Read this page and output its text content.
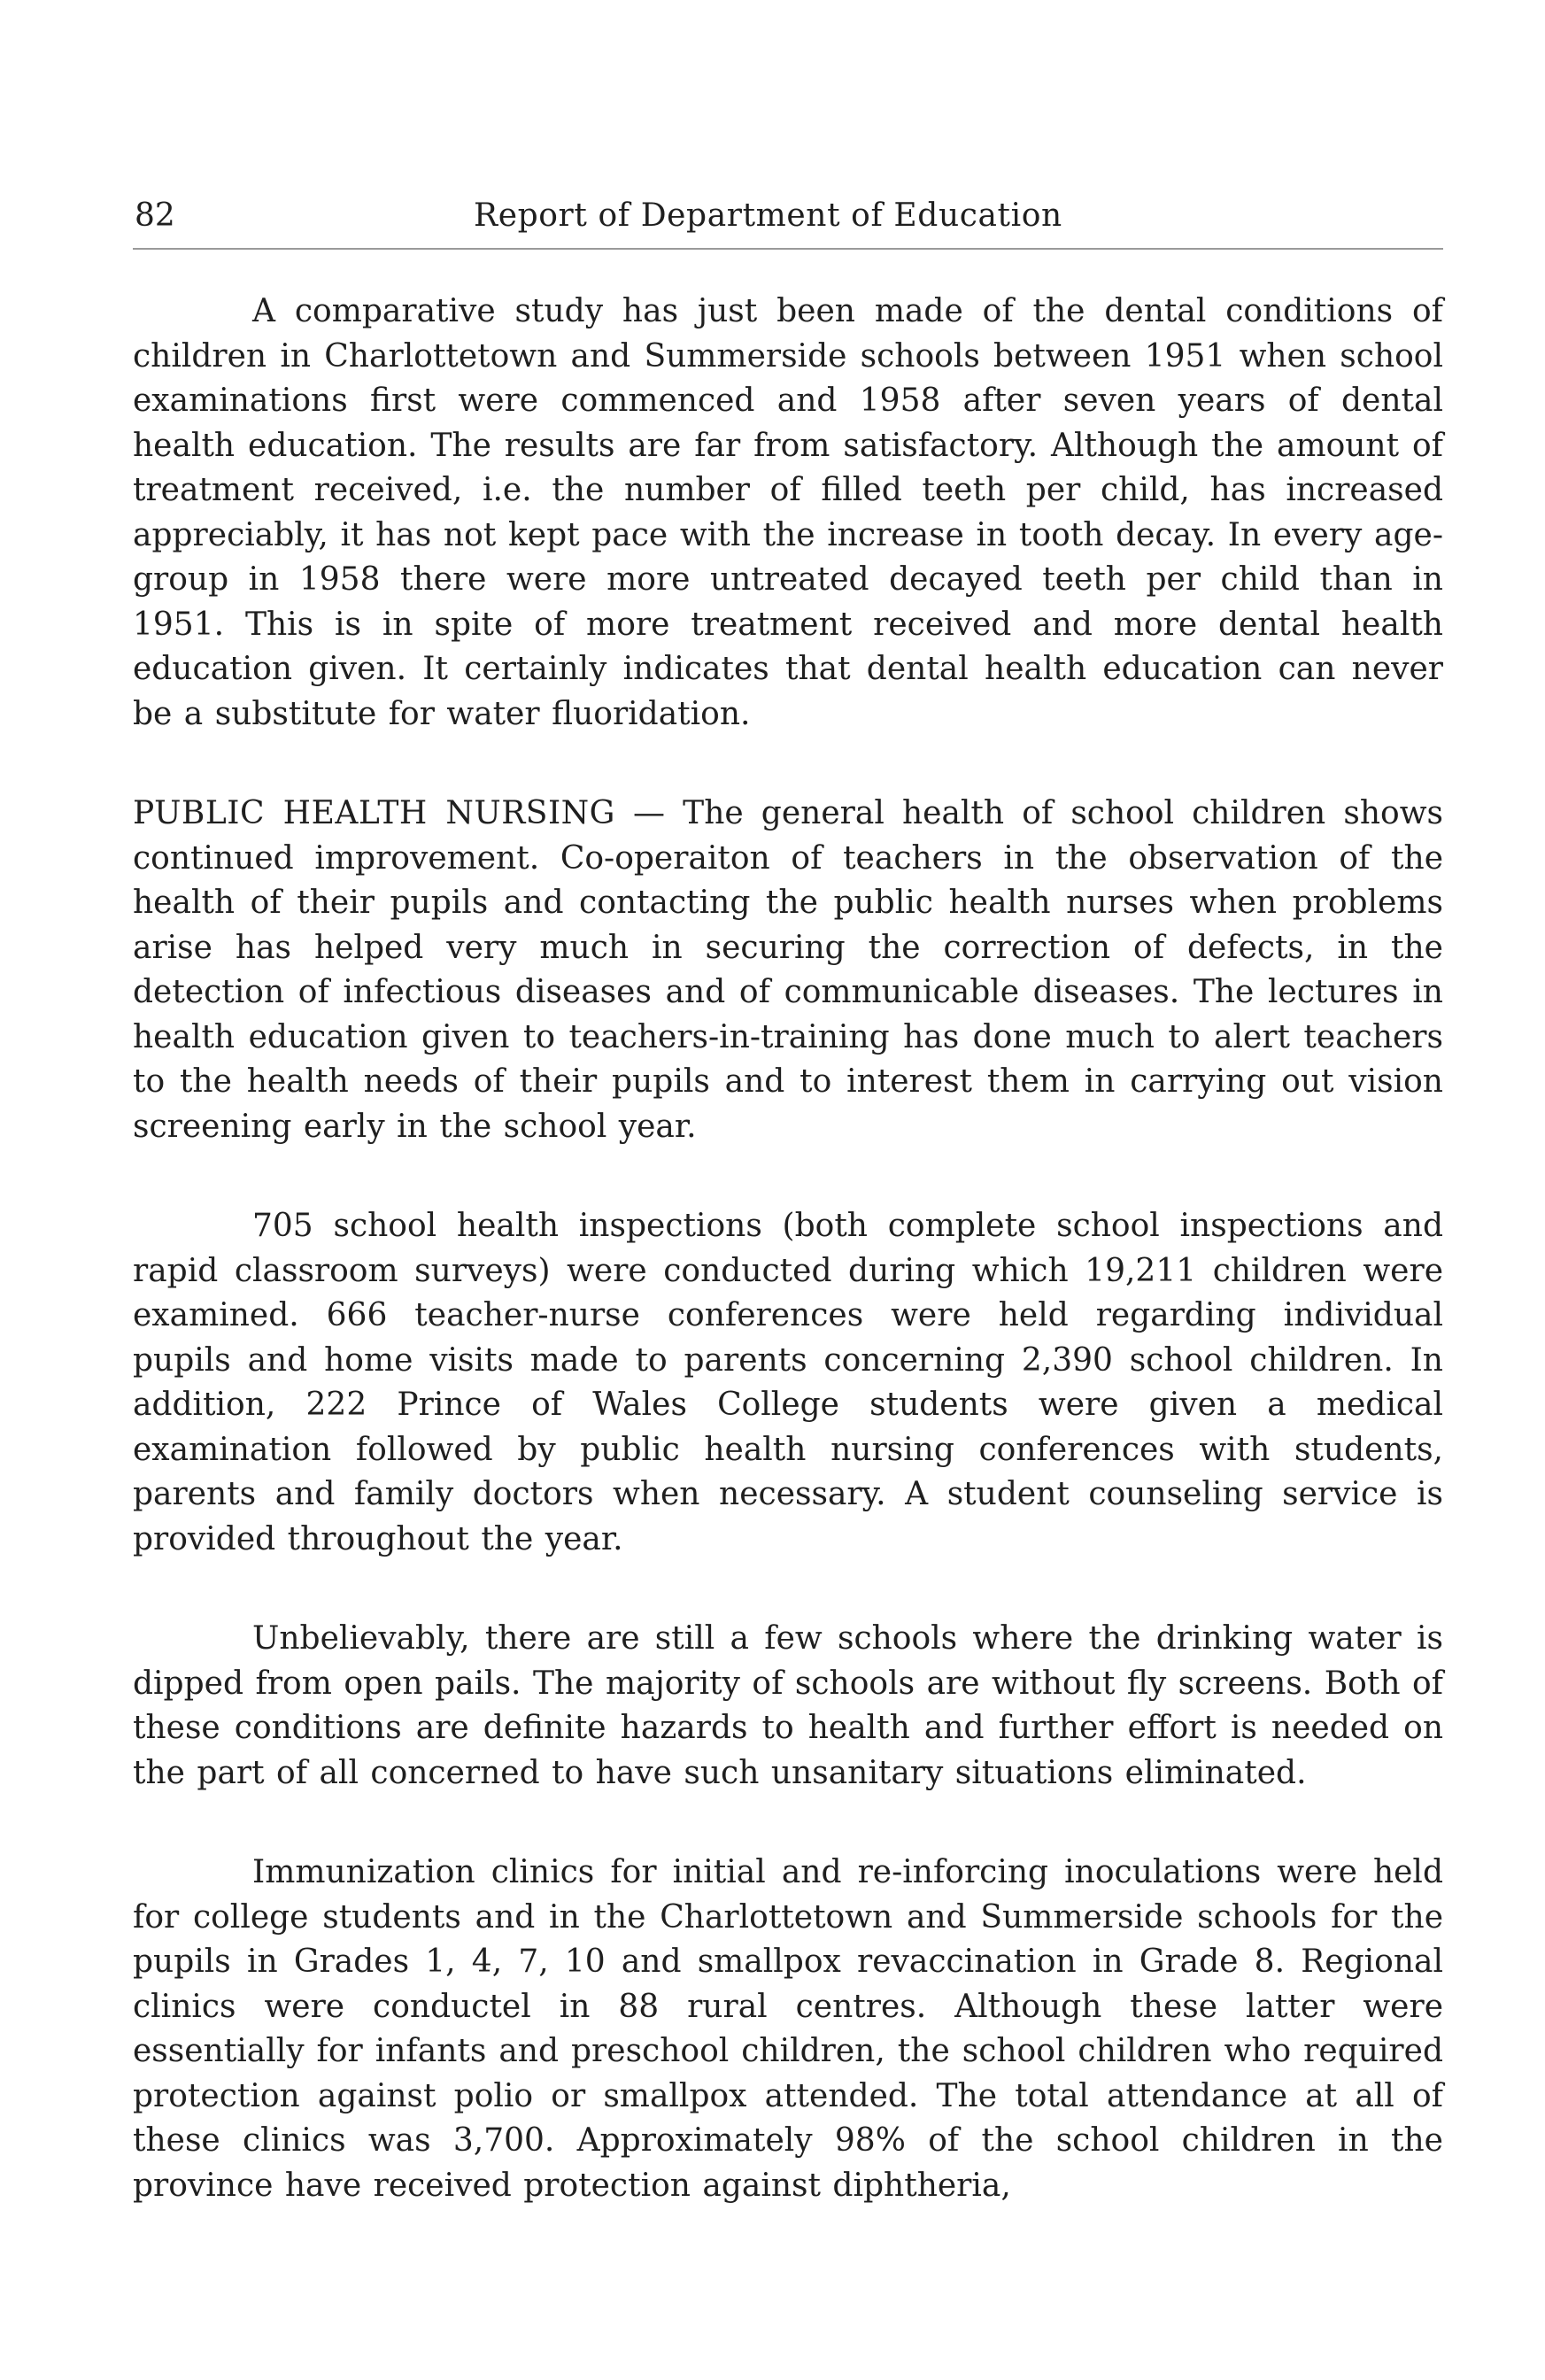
82	Report of Department of Education

A comparative study has just been made of the dental conditions of children in Charlottetown and Summerside schools between 1951 when school examinations first were commenced and 1958 after seven years of dental health education. The results are far from satisfactory. Although the amount of treatment received, i.e. the number of filled teeth per child, has increased appreciably, it has not kept pace with the increase in tooth decay. In every age-group in 1958 there were more untreated decayed teeth per child than in 1951. This is in spite of more treatment received and more dental health education given. It certainly indicates that dental health education can never be a substitute for water fluoridation.

PUBLIC HEALTH NURSING — The general health of school children shows continued improvement. Co-operaiton of teachers in the observation of the health of their pupils and contacting the public health nurses when problems arise has helped very much in securing the correction of defects, in the detection of infectious diseases and of communicable diseases. The lectures in health education given to teachers-in-training has done much to alert teachers to the health needs of their pupils and to interest them in carrying out vision screening early in the school year.

705 school health inspections (both complete school inspections and rapid classroom surveys) were conducted during which 19,211 children were examined. 666 teacher-nurse conferences were held regarding individual pupils and home visits made to parents concerning 2,390 school children. In addition, 222 Prince of Wales College students were given a medical examination followed by public health nursing conferences with students, parents and family doctors when necessary. A student counseling service is provided throughout the year.

Unbelievably, there are still a few schools where the drinking water is dipped from open pails. The majority of schools are without fly screens. Both of these conditions are definite hazards to health and further effort is needed on the part of all concerned to have such unsanitary situations eliminated.

Immunization clinics for initial and re-inforcing inoculations were held for college students and in the Charlottetown and Summerside schools for the pupils in Grades 1, 4, 7, 10 and smallpox revaccination in Grade 8. Regional clinics were conductel in 88 rural centres. Although these latter were essentially for infants and preschool children, the school children who required protection against polio or smallpox attended. The total attendance at all of these clinics was 3,700. Approximately 98% of the school children in the province have received protection against diphtheria,
